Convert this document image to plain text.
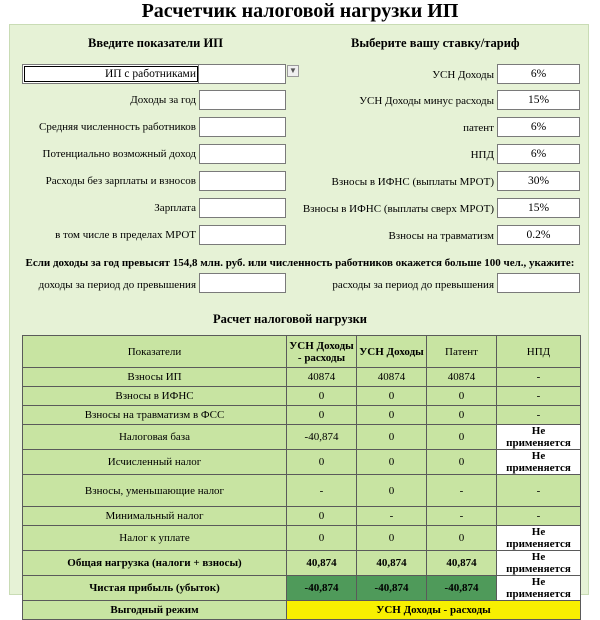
Расчетчик налоговой нагрузки ИП
Введите показатели ИП	Выберите вашу ставку/тариф
ИП с работниками	▼
Доходы за год
Средняя численность работников
Потенциально возможный доход
Расходы без зарплаты и взносов
Зарплата
в том числе в пределах МРОТ
УСН Доходы	6%
УСН Доходы минус расходы	15%
патент	6%
НПД	6%
Взносы в ИФНС (выплаты МРОТ)	30%
Взносы в ИФНС (выплаты сверх МРОТ)	15%
Взносы на травматизм	0.2%
Если доходы за год превысят 154,8 млн. руб. или численность работников окажется больше 100 чел., укажите:
доходы за период до превышения	расходы за период до превышения
Расчет налоговой нагрузки
Показатели	УСН Доходы - расходы	УСН Доходы	Патент	НПД
Взносы ИП	40874	40874	40874	-
Взносы в ИФНС	0	0	0	-
Взносы на травматизм в ФСС	0	0	0	-
Налоговая база	-40,874	0	0	Не применяется
Исчисленный налог	0	0	0	Не применяется
Взносы, уменьшающие налог	-	0	-	-
Минимальный налог	0	-	-	-
Налог к уплате	0	0	0	Не применяется
Общая нагрузка (налоги + взносы)	40,874	40,874	40,874	Не применяется
Чистая прибыль (убыток)	-40,874	-40,874	-40,874	Не применяется
Выгодный режим	УСН Доходы - расходы			
